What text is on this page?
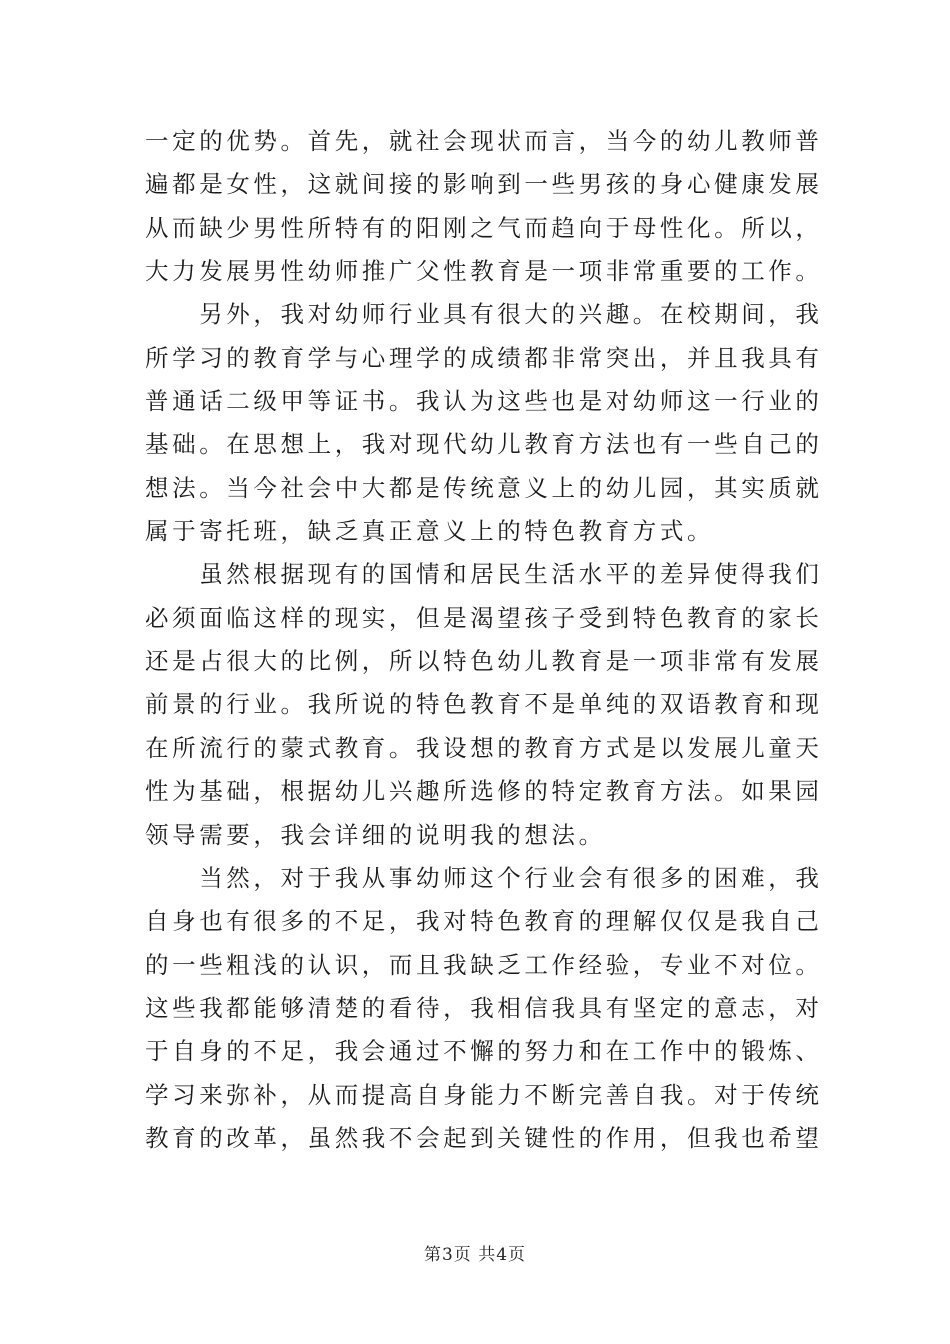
一定的优势。首先，就社会现状而言，当今的幼儿教师普
遍都是女性，这就间接的影响到一些男孩的身心健康发展
从而缺少男性所特有的阳刚之气而趋向于母性化。所以，
大力发展男性幼师推广父性教育是一项非常重要的工作。
　　另外，我对幼师行业具有很大的兴趣。在校期间，我
所学习的教育学与心理学的成绩都非常突出，并且我具有
普通话二级甲等证书。我认为这些也是对幼师这一行业的
基础。在思想上，我对现代幼儿教育方法也有一些自己的
想法。当今社会中大都是传统意义上的幼儿园，其实质就
属于寄托班，缺乏真正意义上的特色教育方式。
　　虽然根据现有的国情和居民生活水平的差异使得我们
必须面临这样的现实，但是渴望孩子受到特色教育的家长
还是占很大的比例，所以特色幼儿教育是一项非常有发展
前景的行业。我所说的特色教育不是单纯的双语教育和现
在所流行的蒙式教育。我设想的教育方式是以发展儿童天
性为基础，根据幼儿兴趣所选修的特定教育方法。如果园
领导需要，我会详细的说明我的想法。
　　当然，对于我从事幼师这个行业会有很多的困难，我
自身也有很多的不足，我对特色教育的理解仅仅是我自己
的一些粗浅的认识，而且我缺乏工作经验，专业不对位。
这些我都能够清楚的看待，我相信我具有坚定的意志，对
于自身的不足，我会通过不懈的努力和在工作中的锻炼、
学习来弥补，从而提高自身能力不断完善自我。对于传统
教育的改革，虽然我不会起到关键性的作用，但我也希望
第3页 共4页
